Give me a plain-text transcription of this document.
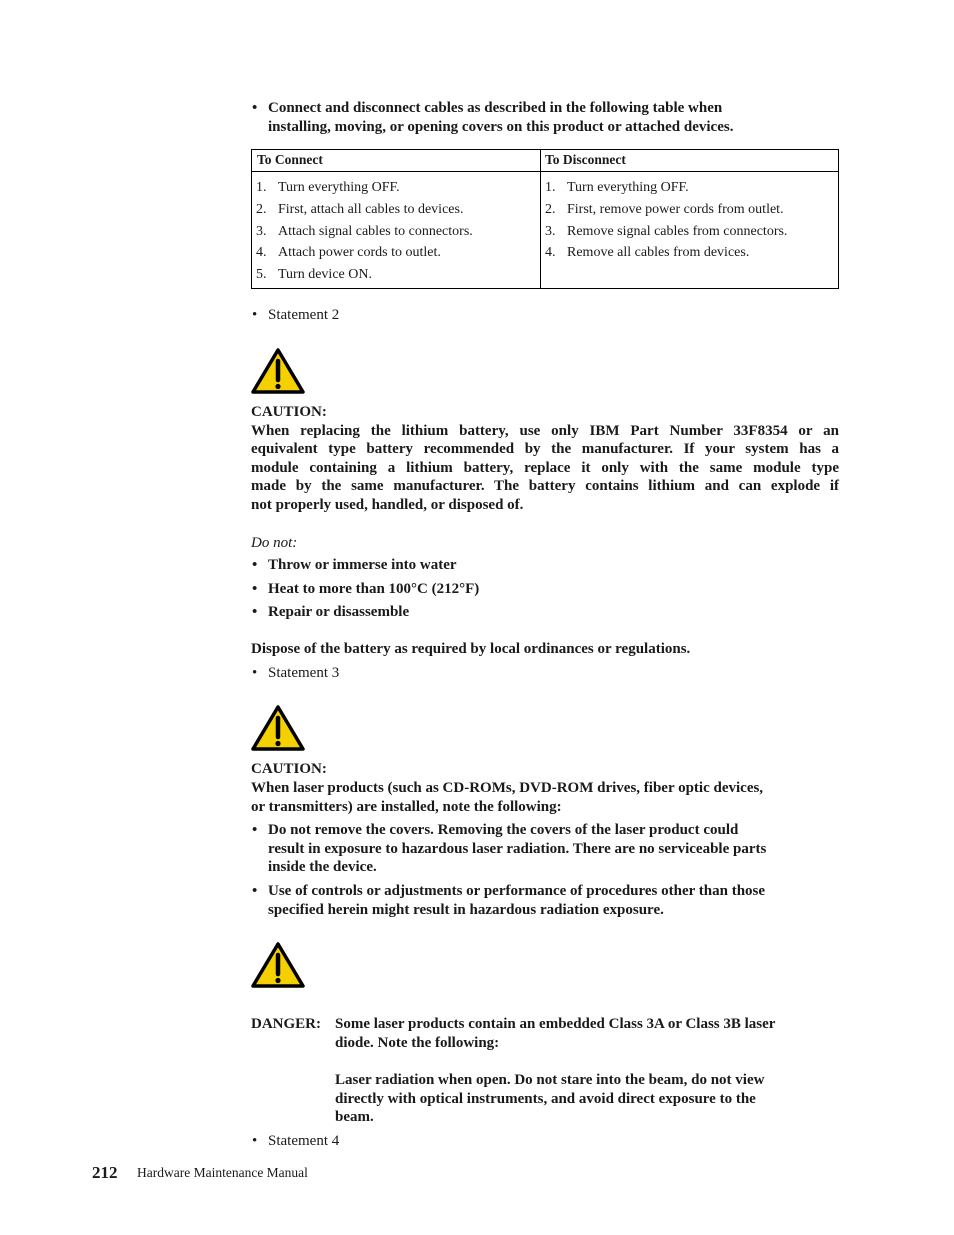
• Connect and disconnect cables as described in the following table when
installing, moving, or opening covers on this product or attached devices.
To Connect	To Disconnect
1. Turn everything OFF.
2. First, attach all cables to devices.
3. Attach signal cables to connectors.
4. Attach power cords to outlet.
5. Turn device ON.
1. Turn everything OFF.
2. First, remove power cords from outlet.
3. Remove signal cables from connectors.
4. Remove all cables from devices.
• Statement 2
CAUTION:
When replacing the lithium battery, use only IBM Part Number 33F8354 or an
equivalent type battery recommended by the manufacturer. If your system has a
module containing a lithium battery, replace it only with the same module type
made by the same manufacturer. The battery contains lithium and can explode if
not properly used, handled, or disposed of.
Do not:
• Throw or immerse into water
• Heat to more than 100°C (212°F)
• Repair or disassemble
Dispose of the battery as required by local ordinances or regulations.
• Statement 3
CAUTION:
When laser products (such as CD-ROMs, DVD-ROM drives, fiber optic devices,
or transmitters) are installed, note the following:
• Do not remove the covers. Removing the covers of the laser product could
result in exposure to hazardous laser radiation. There are no serviceable parts
inside the device.
• Use of controls or adjustments or performance of procedures other than those
specified herein might result in hazardous radiation exposure.
DANGER: Some laser products contain an embedded Class 3A or Class 3B laser
diode. Note the following:
Laser radiation when open. Do not stare into the beam, do not view
directly with optical instruments, and avoid direct exposure to the
beam.
• Statement 4
212 Hardware Maintenance Manual
